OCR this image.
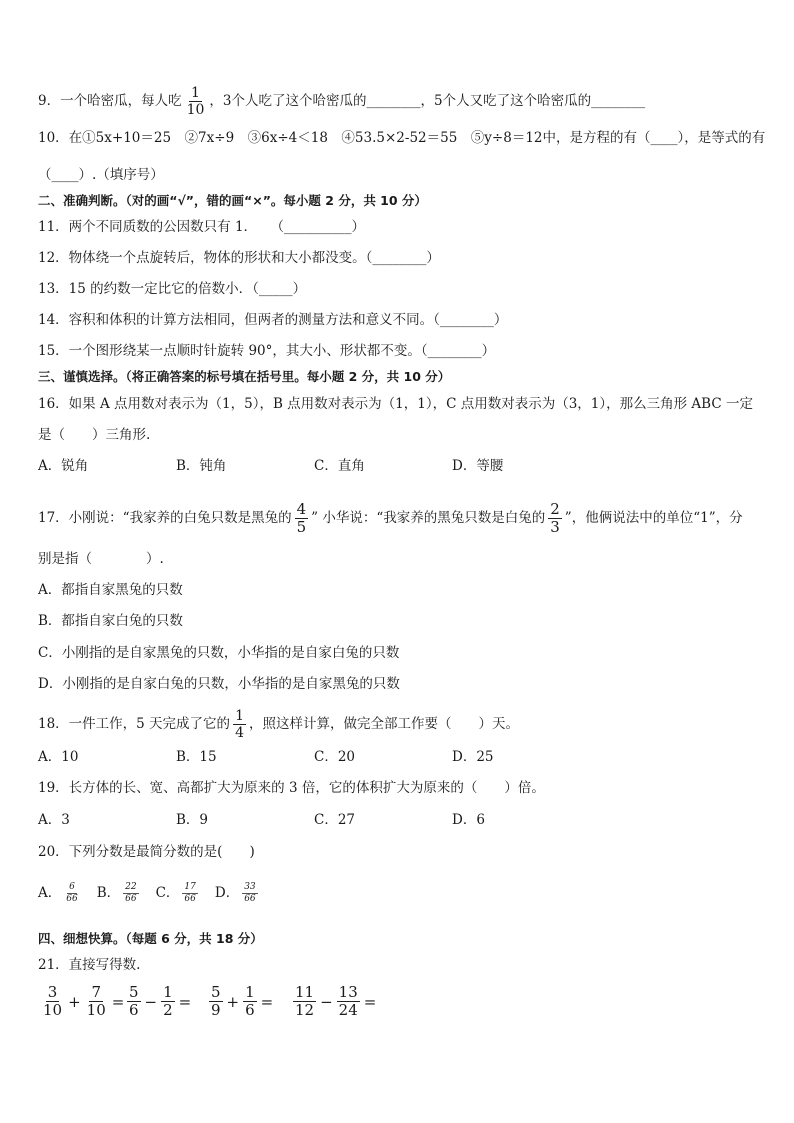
9．一个哈密瓜，每人吃 $\frac{1}{10}$ ，3个人吃了这个哈密瓜的________，5个人又吃了这个哈密瓜的________
10．在①5x+10＝25　②7x÷9　③6x÷4＜18　④53.5×2-52＝55　⑤y÷8＝12中，是方程的有（____），是等式的有
（____）.（填序号）
二、准确判断。（对的画“√”，错的画“×”。每小题 2 分，共 10 分）
11．两个不同质数的公因数只有 1．　　（__________）
12．物体绕一个点旋转后，物体的形状和大小都没变。（________）
13．15 的约数一定比它的倍数小．（_____）
14．容积和体积的计算方法相同，但两者的测量方法和意义不同。（________）
15．一个图形绕某一点顺时针旋转 90°，其大小、形状都不变。（________）
三、谨慎选择。（将正确答案的标号填在括号里。每小题 2 分，共 10 分）
16．如果 A 点用数对表示为（1，5），B 点用数对表示为（1，1），C 点用数对表示为（3，1），那么三角形 ABC 一定
是（　　）三角形.
A．锐角	B．钝角	C．直角	D．等腰
17．小刚说：“我家养的白兔只数是黑兔的 $\frac{4}{5}$ ” 小华说：“我家养的黑兔只数是白兔的 $\frac{2}{3}$ ”，他俩说法中的单位“1”，分
别是指（　　　　）.
A．都指自家黑兔的只数
B．都指自家白兔的只数
C．小刚指的是自家黑兔的只数，小华指的是自家白兔的只数
D．小刚指的是自家白兔的只数，小华指的是自家黑兔的只数
18．一件工作，5 天完成了它的 $\frac{1}{4}$ ，照这样计算，做完全部工作要（　　）天。
A．10	B．15	C．20	D．25
19．长方体的长、宽、高都扩大为原来的 3 倍，它的体积扩大为原来的（　　）倍。
A．3	B．9	C．27	D．6
20．下列分数是最简分数的是(　　)
A． $\frac{6}{66}$ B． $\frac{22}{66}$ C． $\frac{17}{66}$ D． $\frac{33}{66}$
四、细想快算。（每题 6 分，共 18 分）
21．直接写得数.
$\frac{3}{10} + \frac{7}{10} = \frac{5}{6} - \frac{1}{2} = \frac{5}{9} + \frac{1}{6} = \frac{11}{12} - \frac{13}{24}$ =
